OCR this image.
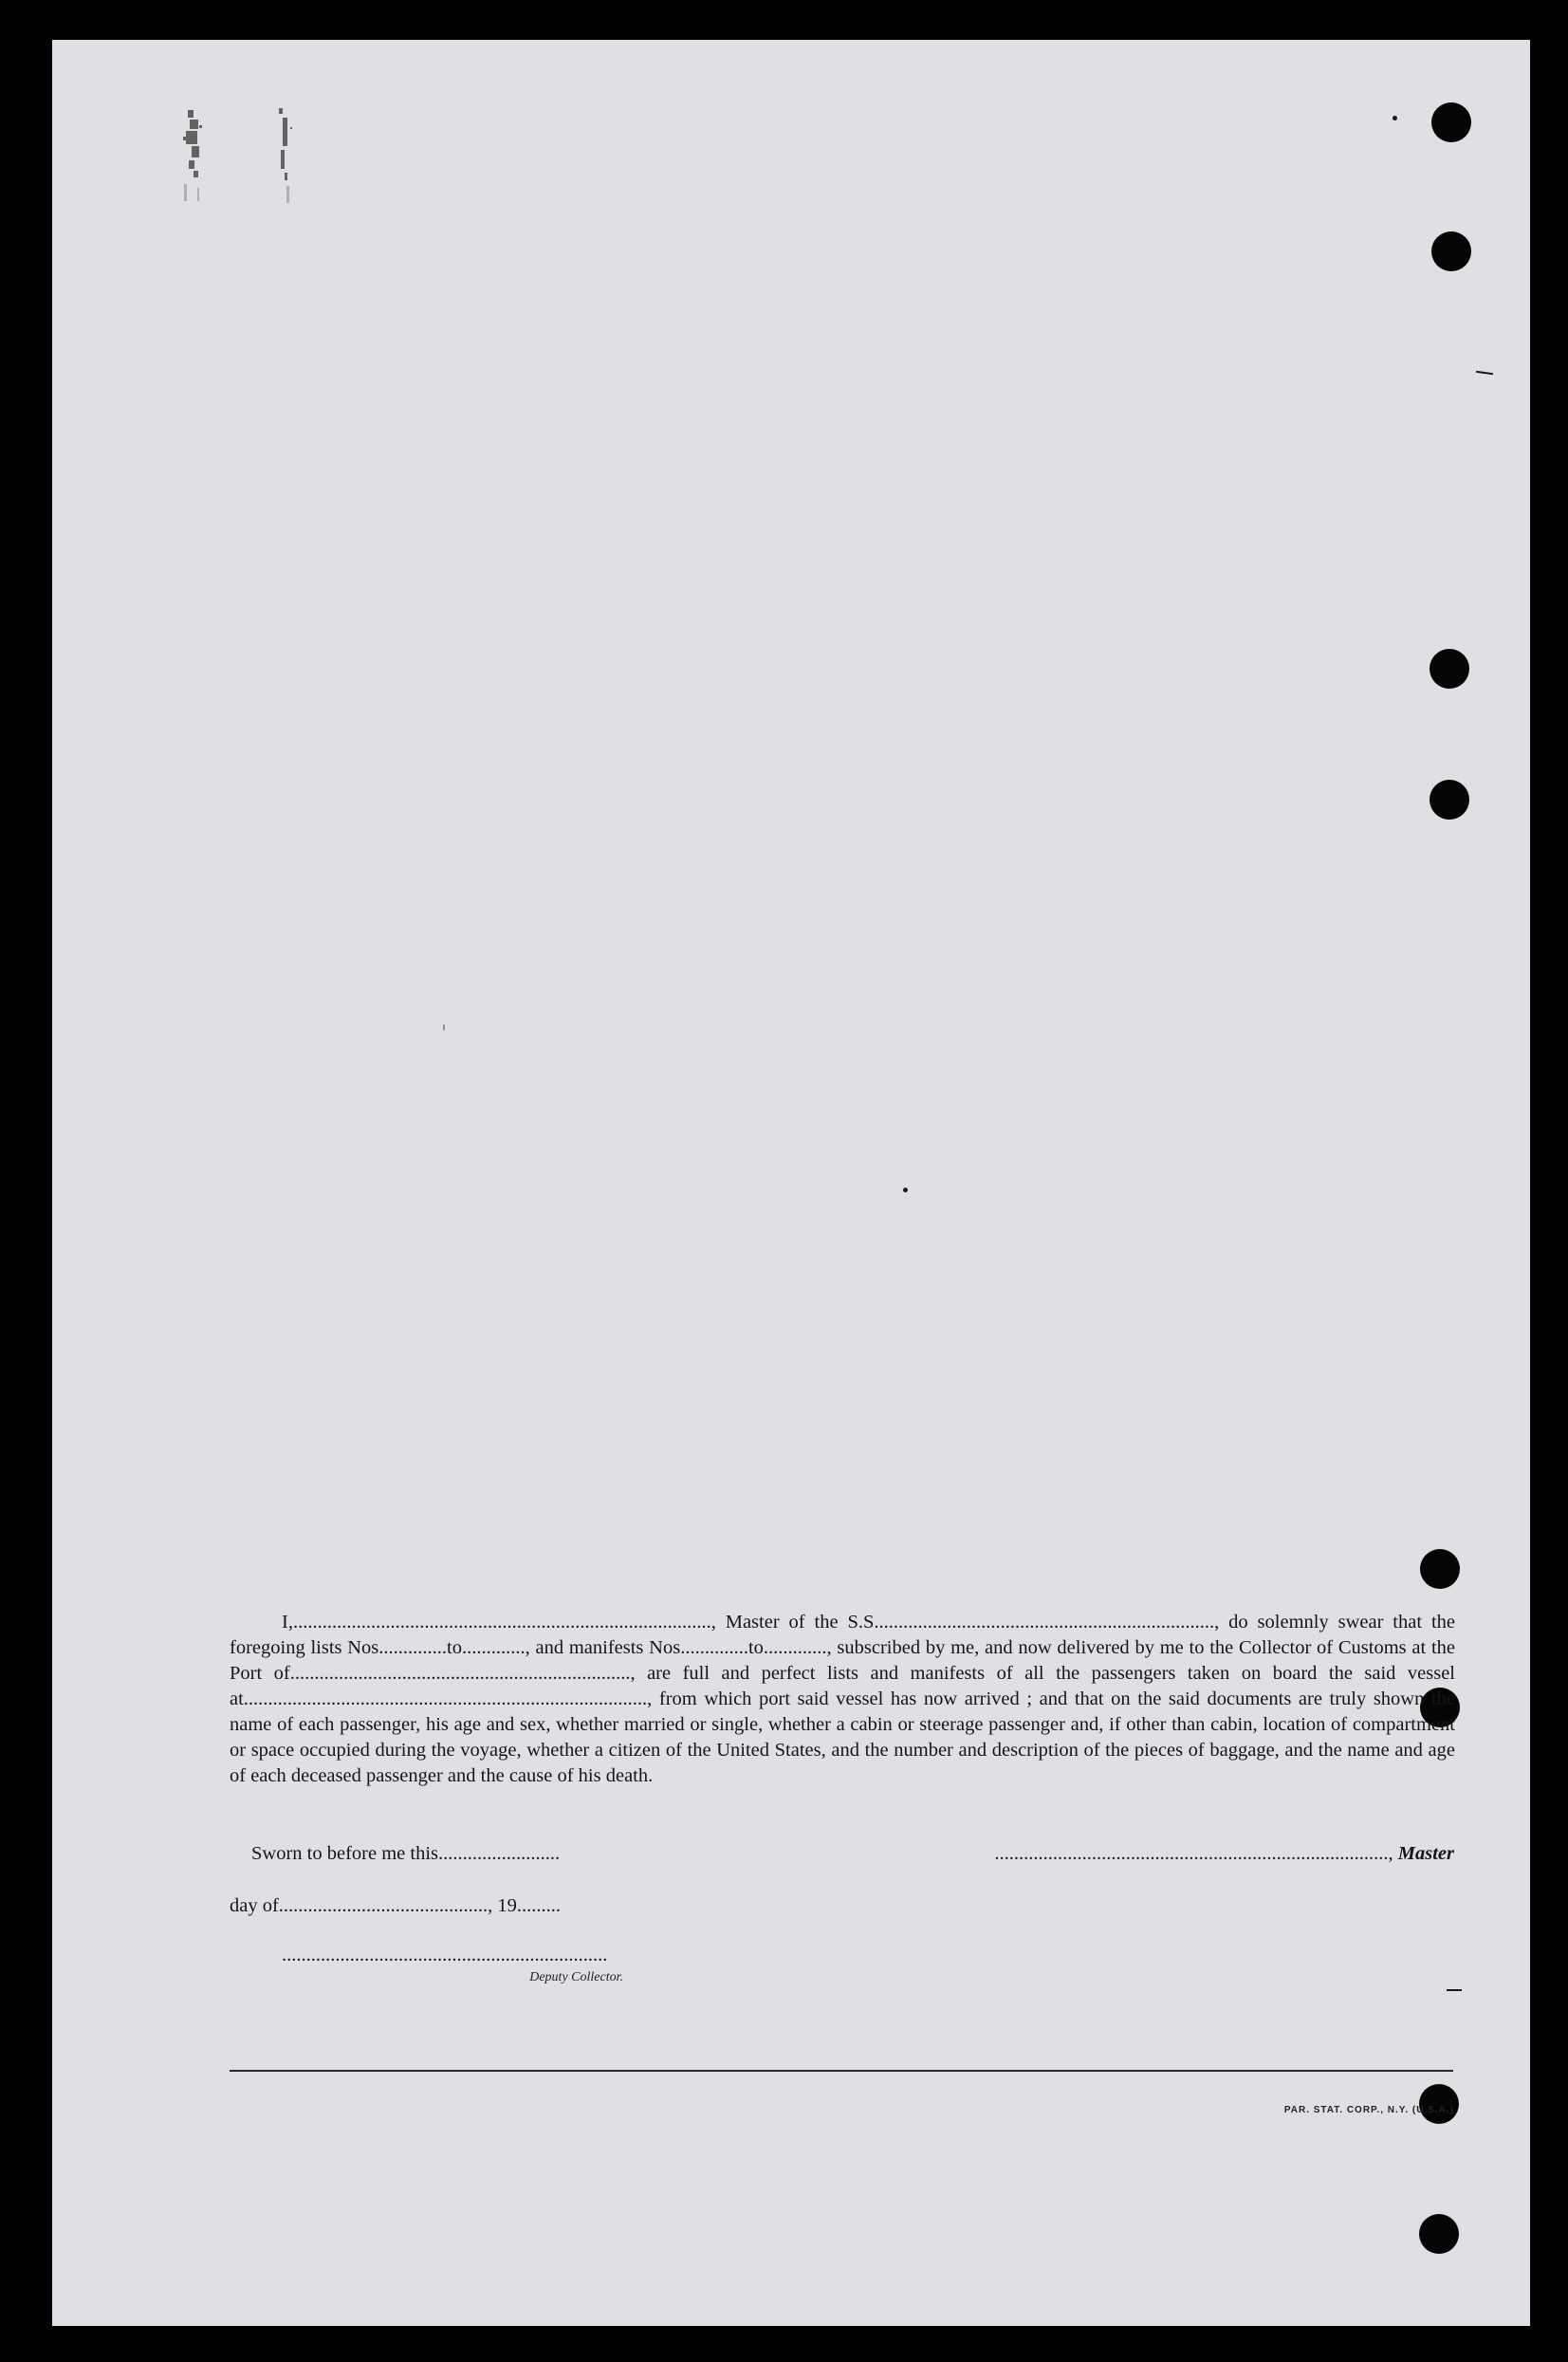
I,......................................................................................, Master of the S.S......................................................................, do solemnly swear that the foregoing lists Nos..............to............., and manifests Nos..............to............., subscribed by me, and now delivered by me to the Collector of Customs at the Port of......................................................................, are full and perfect lists and manifests of all the passengers taken on board the said vessel at..................................................................................., from which port said vessel has now arrived ; and that on the said documents are truly shown the name of each passenger, his age and sex, whether married or single, whether a cabin or steerage passenger and, if other than cabin, location of compartment or space occupied during the voyage, whether a citizen of the United States, and the number and description of the pieces of baggage, and the name and age of each deceased passenger and the cause of his death.
Sworn to before me this.........................	................................................................................., Master
day of..........................................., 19.........
...................................................................
Deputy Collector.
PAR. STAT. CORP., N.Y. (U.S.A.)
